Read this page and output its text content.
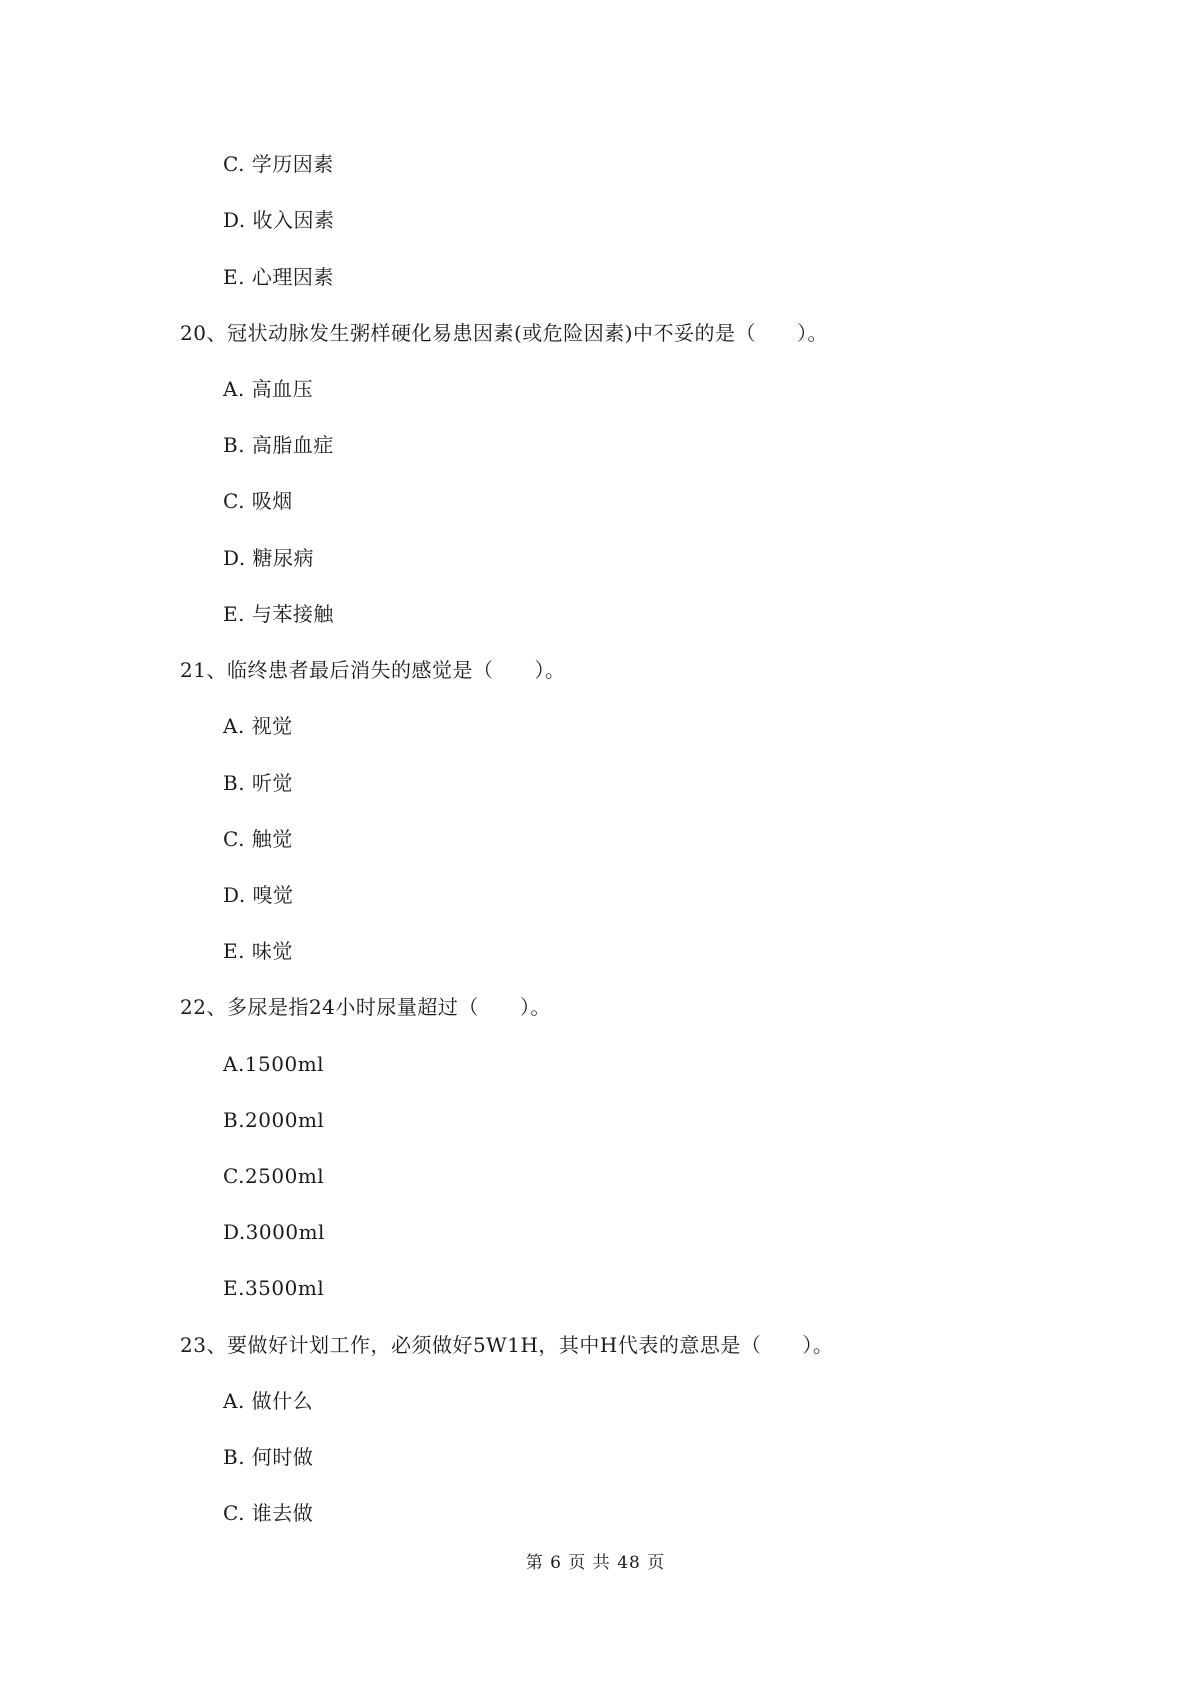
C. 学历因素
D. 收入因素
E. 心理因素
20、冠状动脉发生粥样硬化易患因素(或危险因素)中不妥的是（　　）。
A. 高血压
B. 高脂血症
C. 吸烟
D. 糖尿病
E. 与苯接触
21、临终患者最后消失的感觉是（　　）。
A. 视觉
B. 听觉
C. 触觉
D. 嗅觉
E. 味觉
22、多尿是指24小时尿量超过（　　）。
A.1500ml
B.2000ml
C.2500ml
D.3000ml
E.3500ml
23、要做好计划工作，必须做好5W1H，其中H代表的意思是（　　）。
A. 做什么
B. 何时做
C. 谁去做
第 6 页 共 48 页
